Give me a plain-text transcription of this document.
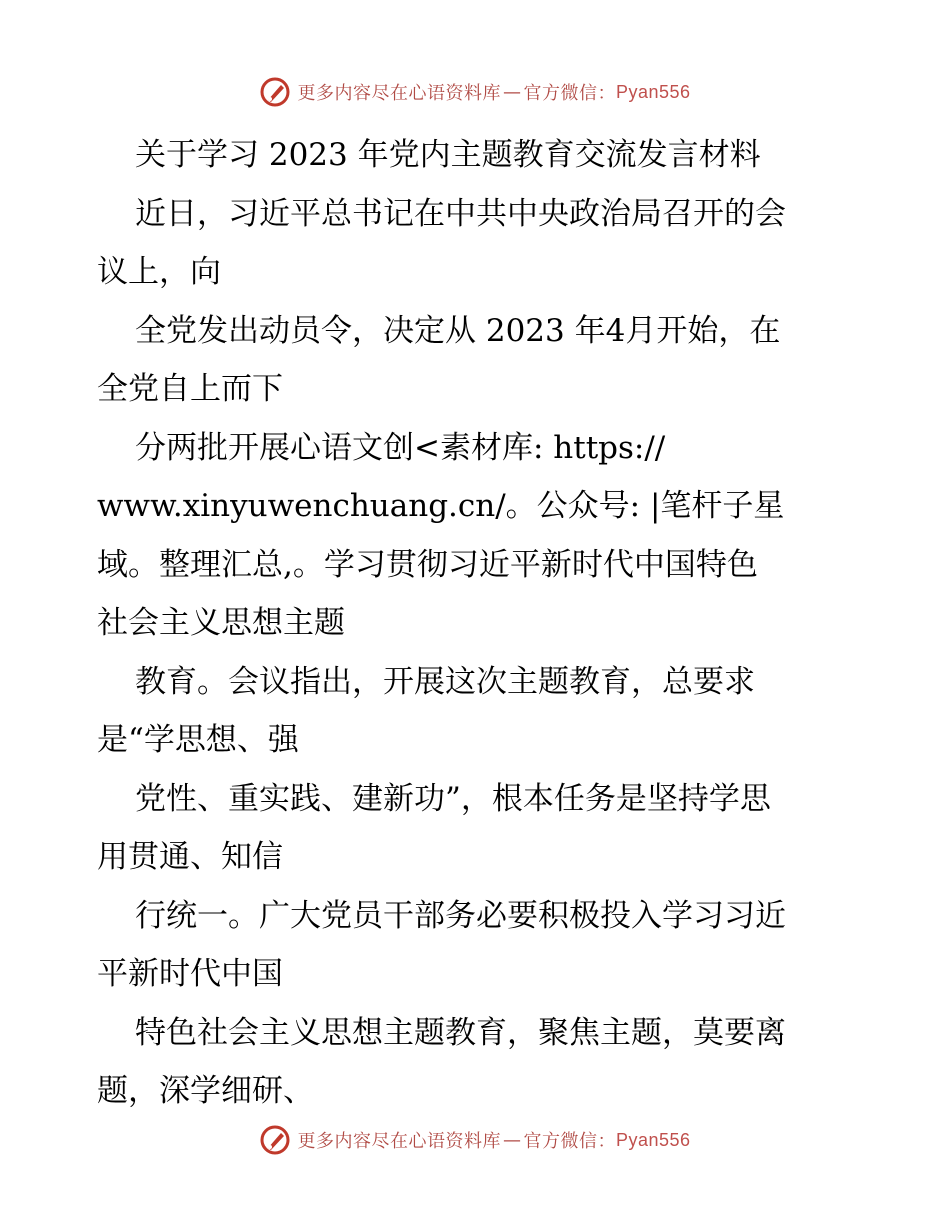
更多内容尽在心语资料库 — 官方微信： Pyan556
关于学习 2023 年党内主题教育交流发言材料
近日，习近平总书记在中共中央政治局召开的会
议上，向
全党发出动员令，决定从 2023 年4月开始，在
全党自上而下
分两批开展心语文创<素材库: https://
www.xinyuwenchuang.cn/。公众号: |笔杆子星
域。整理汇总,。学习贯彻习近平新时代中国特色
社会主义思想主题
教育。会议指出，开展这次主题教育，总要求
是“学思想、强
党性、重实践、建新功”，根本任务是坚持学思
用贯通、知信
行统一。广大党员干部务必要积极投入学习习近
平新时代中国
特色社会主义思想主题教育，聚焦主题，莫要离
题，深学细研、
更多内容尽在心语资料库 — 官方微信： Pyan556
